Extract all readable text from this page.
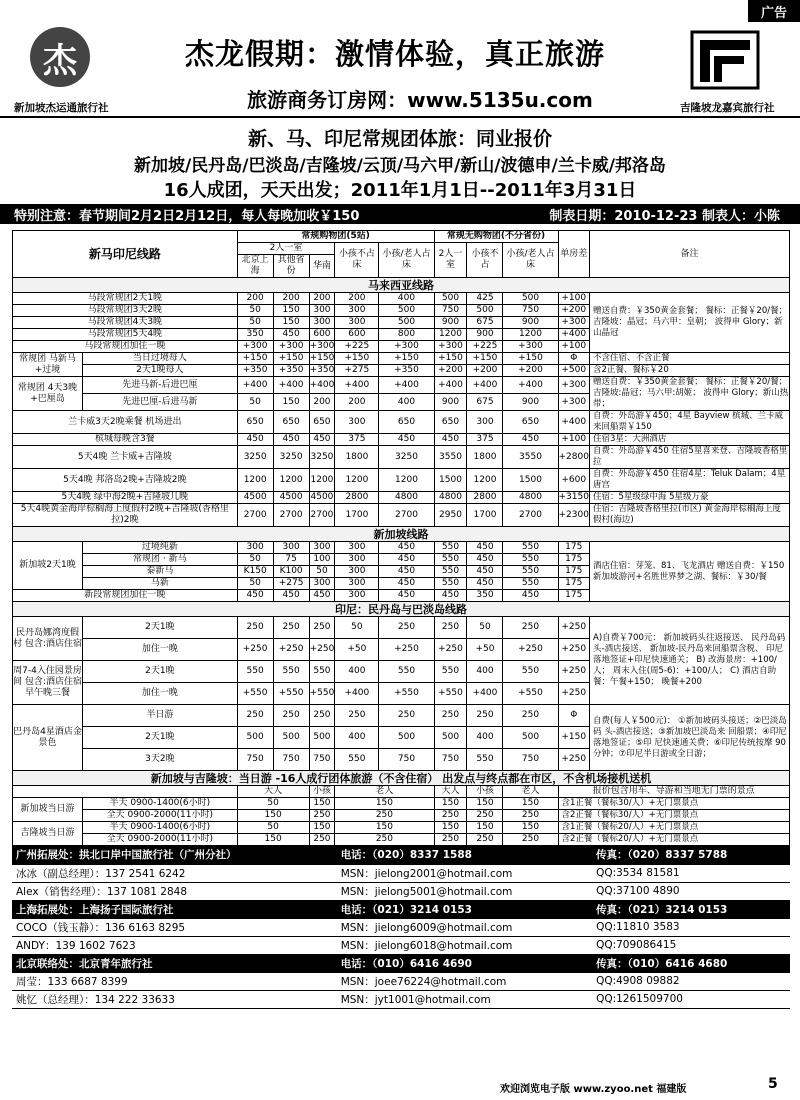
广告
杰
新加坡杰运通旅行社	吉隆坡龙嘉宾旅行社
杰龙假期：激情体验，真正旅游
旅游商务订房网：www.5135u.com
新、马、印尼常规团体旅：同业报价
新加坡/民丹岛/巴淡岛/吉隆坡/云顶/马六甲/新山/波德申/兰卡威/邦洛岛
16人成团，天天出发；2011年1月1日--2011年3月31日
特别注意：春节期间2月2日2月12日，每人每晚加收￥150	制表日期：2010-12-23 制表人：小陈
新马印尼线路		常规购物团(5站)					常规无购物团(不分省份)			单房差	备注
		2人一室			小孩不占床	小孩/老人占床	2人一室	小孩不占	小孩/老人占床		
		北京上海	其他省份	华南							
马来西亚线路											
马段常规团2天1晚		200	200	200	200	400	500	425	500	+100	赠送自费：￥350黄金套餐； 餐标：正餐￥20/餐； 吉隆坡：晶冠；马六甲：皇朝； 波得申 Glory；新山晶冠
马段常规团3天2晚		50	150	300	300	500	750	500	750	+200	
马段常规团4天3晚		50	150	300	300	500	900	675	900	+300	
马段常规团5天4晚		350	450	600	600	800	1200	900	1200	+400	
马段常规团加住一晚		+300	+300	+300	+225	+300	+300	+225	+300	+100	
常规团 马新马+过境	当日过境每人	+150	+150	+150	+150	+150	+150	+150	+150	Φ	不含住宿、不含正餐
	2天1晚每人	+350	+350	+350	+275	+350	+200	+200	+200	+500	含2正餐、餐标￥20
常规团 4天3晚+巴厘岛	先进马新-后进巴厘	+400	+400	+400	+400	+400	+400	+400	+400	+300	赠送自费：￥350黄金套餐； 餐标：正餐￥20/餐； 吉隆坡:晶冠；马六甲:胡姬； 波得申 Glory；新山热带；
	先进巴厘-后进马新	50	150	200	200	400	900	675	900	+300	
兰卡威3天2晚乘餐 机场进出		650	650	650	300	650	650	300	650	+400	自费：外岛游￥450；4星 Bayview 槟城、兰卡威来回船票￥150
槟城每晚含3餐		450	450	450	375	450	450	375	450	+100	住宿3星：大洲酒店
5天4晚 兰卡威+吉隆坡		3250	3250	3250	1800	3250	3550	1800	3550	+2800	自费：外岛游￥450 住宿5星喜来登、吉隆坡香格里拉
5天4晚 邦洛岛2晚+吉隆坡2晚		1200	1200	1200	1200	1200	1500	1200	1500	+600	自费：外岛游￥450 住宿4星：Teluk Dalam；4星唐宫
5天4晚 绿中海2晚+吉隆坡几晚		4500	4500	4500	2800	4800	4800	2800	4800	+3150	住宿：5星级绿中海 5星级万豪
5天4晚黄金海岸棕榈海上度假村2晚+吉隆坡(香格里拉)2晚		2700	2700	2700	1700	2700	2950	1700	2700	+2300	住宿：吉隆坡香格里拉(市区) 黄金海岸棕榈海上度假村(海边)
新加坡线路											
新加坡2天1晚	过境纯新	300	300	300	300	450	550	450	550	175	酒店住宿：芽笼、81、飞龙酒店 赠送自费：￥150 新加坡游河+名胜世界梦之湖、餐标：￥30/餐
	常规团 · 新马	50	75	100	300	450	550	450	550	175	
	泰新马	K150	K100	50	300	450	550	450	550	175	
	马新	50	+275	300	300	450	550	450	550	175	
新段常规团加住一晚		450	450	450	300	450	450	350	450	175	
印尼：民丹岛与巴淡岛线路											
民丹岛娜湾度假村 包含:酒店住宿	2天1晚	250	250	250	50	250	250	50	250	+250	A)自费￥700元： 新加坡码头往返接送、 民丹岛码头-酒店接送、 新加坡-民丹岛来回船票含税、 印尼落地签证+印尼快速通关； B) 改海景房：+100/人； 周末入住(周5-6)：+100/人； C) 酒店自助餐：午餐+150； 晚餐+200
	加住一晚	+250	+250	+250	+50	+250	+250	+50	+250	+250	
周7-4入住园景房间 包含:酒店住宿早午晚三餐	2天1晚	550	550	550	400	550	550	400	550	+250	
	加住一晚	+550	+550	+550	+400	+550	+550	+400	+550	+250	
巴丹岛4星酒店金景色	半日游	250	250	250	250	250	250	250	250	Φ	自费(每人￥500元)： ①新加坡码头接送；②巴淡岛码 头-酒店接送；③新加坡巴淡岛来 回船票；④印尼落地签证；⑤印 尼快速通关费；⑥印尼传统按摩 90分钟；⑦印尼半日游或全日游；
	2天1晚	500	500	500	400	500	500	400	500	+150	
	3天2晚	750	750	750	550	750	750	550	750	+250	
新加坡与吉隆坡：当日游 -16人成行团体旅游（不含住宿） 出发点与终点都在市区，不含机场接机送机											
		大人		小孩	老人		大人	小孩	老人	报价包含用车、导游和当地无门票的景点	
新加坡当日游	半天 0900-1400(6小时)	50		150	150		150	150	150	含1正餐（餐标30/人）+无门票景点	
	全天 0900-2000(11小时)	150		250	250		250	250	250	含2正餐（餐标30/人）+无门票景点	
吉隆坡当日游	半天 0900-1400(6小时)	50		150	150		150	150	150	含1正餐（餐标20/人）+无门票景点	
	全天 0900-2000(11小时)	150		250	250		250	250	250	含2正餐（餐标20/人）+无门票景点	
广州拓展处：拱北口岸中国旅行社（广州分社）	电话：（020）8337 1588	传真：（020）8337 5788
冰冰（副总经理）：137 2541 6242	MSN：jielong2001@hotmail.com	QQ:3534 81581
Alex（销售经理）：137 1081 2848	MSN：jielong5001@hotmail.com	QQ:37100 4890
上海拓展处：上海扬子国际旅行社	电话：（021）3214 0153	传真：（021）3214 0153
COCO（钱玉静）：136 6163 8295	MSN：jielong6009@hotmail.com	QQ:11810 3583
ANDY：139 1602 7623	MSN：jielong6018@hotmail.com	QQ:709086415
北京联络处：北京青年旅行社	电话：（010）6416 4690	传真：（010）6416 4680
周莹：133 6687 8399	MSN：joee76224@hotmail.com	QQ:4908 09882
姚忆（总经理）：134 222 33633	MSN：jyt1001@hotmail.com	QQ:1261509700
欢迎浏览电子版 www.zyoo.net 福建版	5
